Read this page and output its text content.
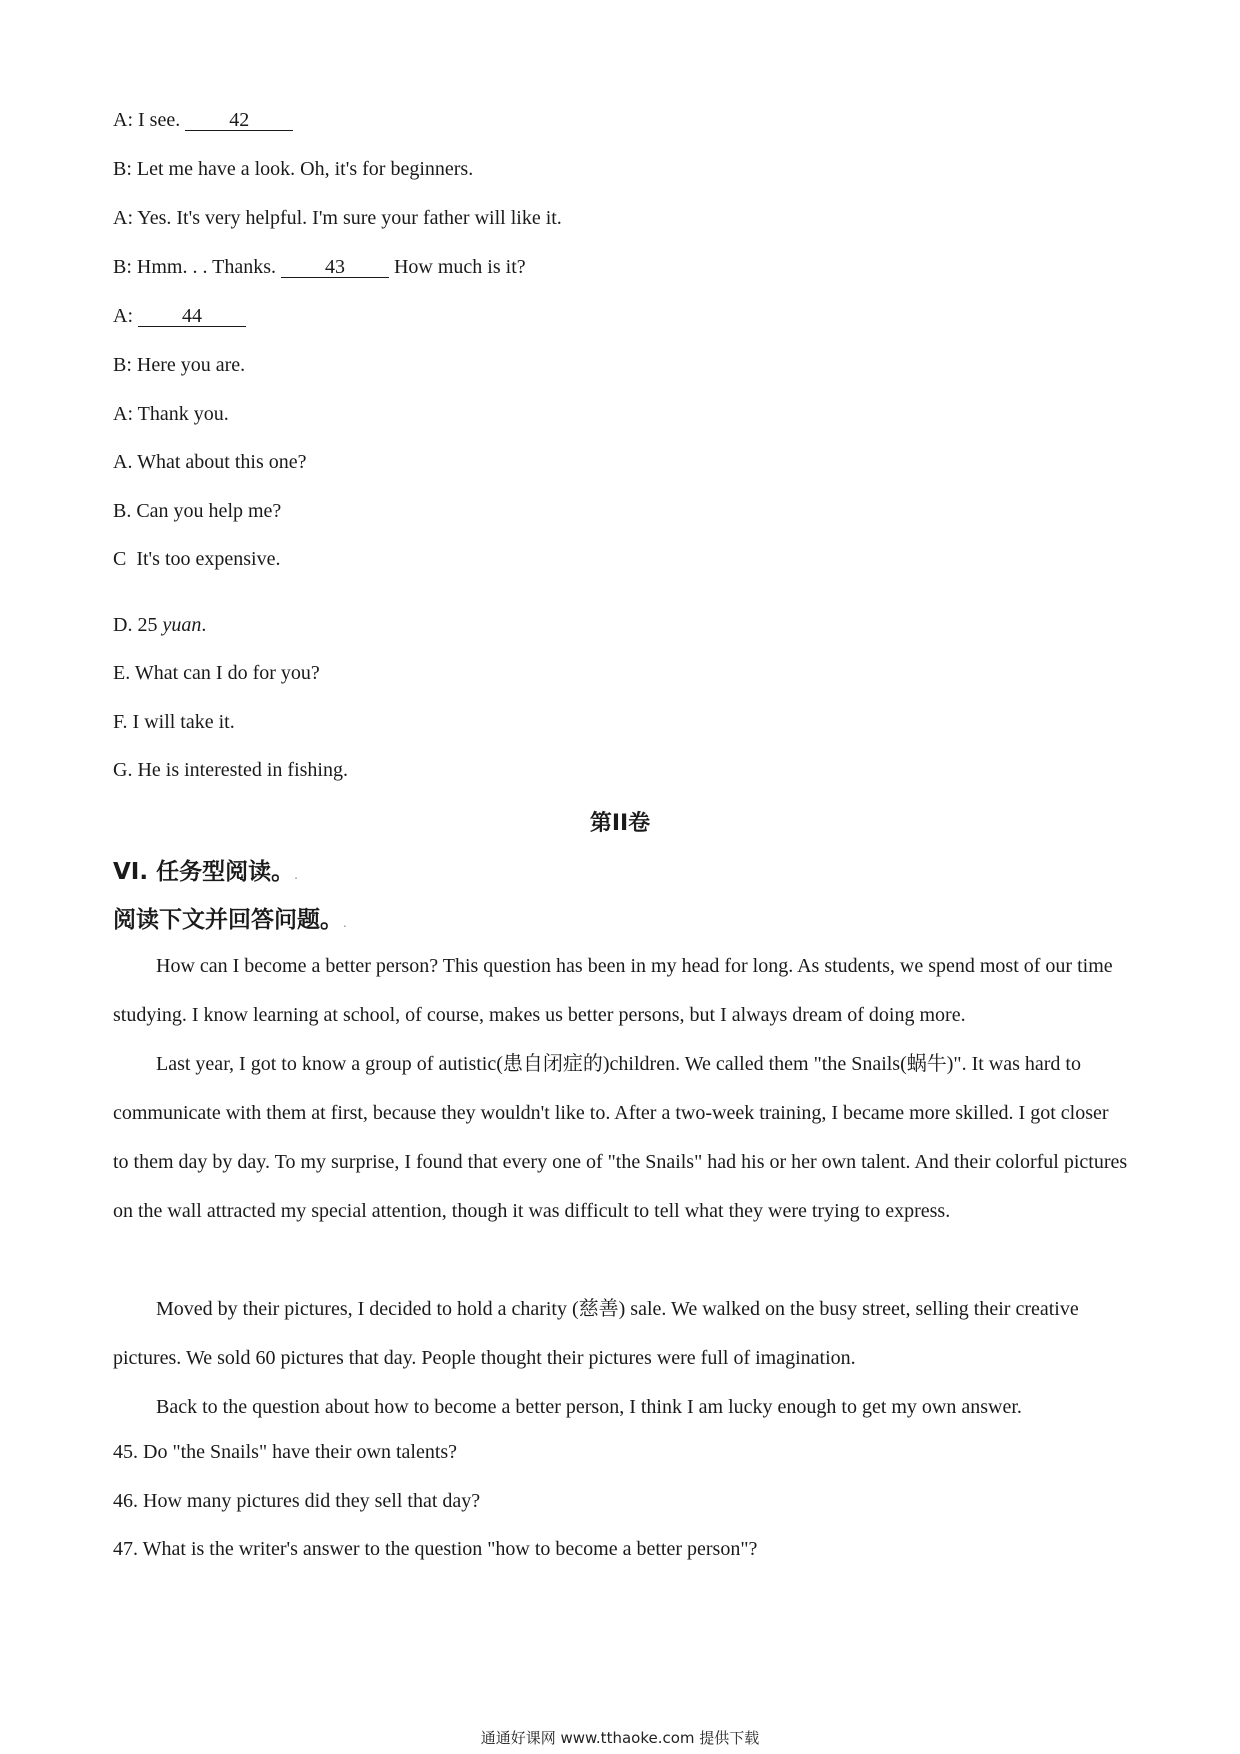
A: I see. 42
B: Let me have a look. Oh, it's for beginners.
A: Yes. It's very helpful. I'm sure your father will like it.
B: Hmm. . . Thanks. 43 How much is it?
A: 44
B: Here you are.
A: Thank you.
A. What about this one?
B. Can you help me?
C It's too expensive.
D. 25 yuan.
E. What can I do for you?
F. I will take it.
G. He is interested in fishing.
第II卷
VI. 任务型阅读。.
阅读下文并回答问题。.
How can I become a better person? This question has been in my head for long. As students, we spend most of our time studying. I know learning at school, of course, makes us better persons, but I always dream of doing more.
Last year, I got to know a group of autistic(患自闭症的)children. We called them "the Snails(蜗牛)". It was hard to communicate with them at first, because they wouldn't like to. After a two-week training, I became more skilled. I got closer to them day by day. To my surprise, I found that every one of "the Snails" had his or her own talent. And their colorful pictures on the wall attracted my special attention, though it was difficult to tell what they were trying to express.
Moved by their pictures, I decided to hold a charity (慈善) sale. We walked on the busy street, selling their creative pictures. We sold 60 pictures that day. People thought their pictures were full of imagination.
Back to the question about how to become a better person, I think I am lucky enough to get my own answer.
45. Do "the Snails" have their own talents?
46. How many pictures did they sell that day?
47. What is the writer's answer to the question "how to become a better person"?
通通好课网 www.tthaoke.com 提供下载
